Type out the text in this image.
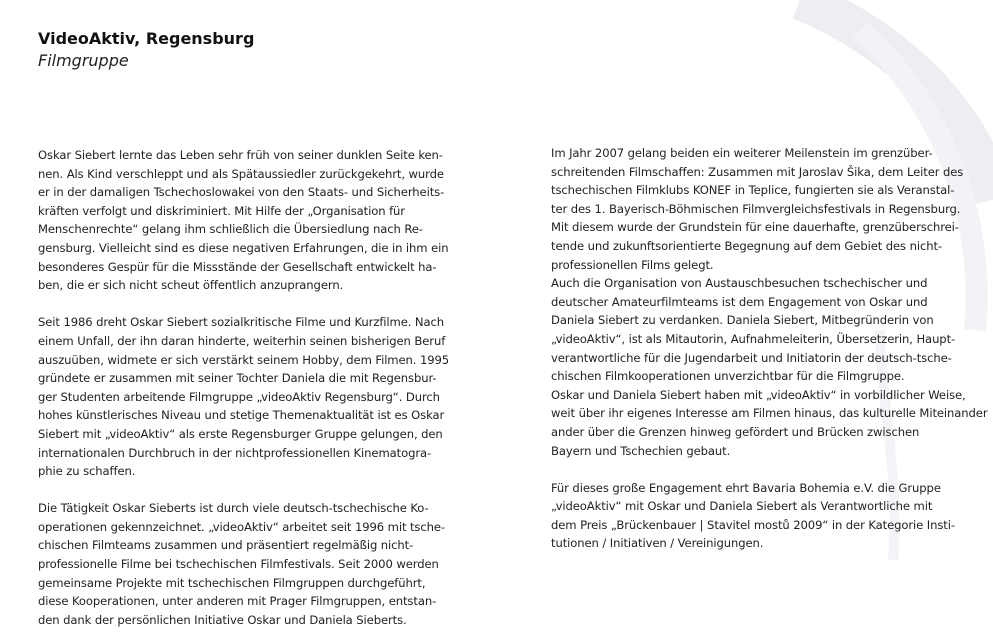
VideoAktiv, Regensburg
Filmgruppe
Oskar Siebert lernte das Leben sehr früh von seiner dunklen Seite ken-
nen. Als Kind verschleppt und als Spätaussiedler zurückgekehrt, wurde
er in der damaligen Tschechoslowakei von den Staats- und Sicherheits-
kräften verfolgt und diskriminiert. Mit Hilfe der „Organisation für
Menschenrechte“ gelang ihm schließlich die Übersiedlung nach Re-
gensburg. Vielleicht sind es diese negativen Erfahrungen, die in ihm ein
besonderes Gespür für die Missstände der Gesellschaft entwickelt ha-
ben, die er sich nicht scheut öffentlich anzuprangern.
Seit 1986 dreht Oskar Siebert sozialkritische Filme und Kurzfilme. Nach
einem Unfall, der ihn daran hinderte, weiterhin seinen bisherigen Beruf
auszuüben, widmete er sich verstärkt seinem Hobby, dem Filmen. 1995
gründete er zusammen mit seiner Tochter Daniela die mit Regensbur-
ger Studenten arbeitende Filmgruppe „videoAktiv Regensburg“. Durch
hohes künstlerisches Niveau und stetige Themenaktualität ist es Oskar
Siebert mit „videoAktiv“ als erste Regensburger Gruppe gelungen, den
internationalen Durchbruch in der nichtprofessionellen Kinematogra-
phie zu schaffen.
Die Tätigkeit Oskar Sieberts ist durch viele deutsch-tschechische Ko-
operationen gekennzeichnet. „videoAktiv“ arbeitet seit 1996 mit tsche-
chischen Filmteams zusammen und präsentiert regelmäßig nicht-
professionelle Filme bei tschechischen Filmfestivals. Seit 2000 werden
gemeinsame Projekte mit tschechischen Filmgruppen durchgeführt,
diese Kooperationen, unter anderen mit Prager Filmgruppen, entstan-
den dank der persönlichen Initiative Oskar und Daniela Sieberts.
Im Jahr 2007 gelang beiden ein weiterer Meilenstein im grenzüber-
schreitenden Filmschaffen: Zusammen mit Jaroslav Šika, dem Leiter des
tschechischen Filmklubs KONEF in Teplice, fungierten sie als Veranstal-
ter des 1. Bayerisch-Böhmischen Filmvergleichsfestivals in Regensburg.
Mit diesem wurde der Grundstein für eine dauerhafte, grenzüberschrei-
tende und zukunftsorientierte Begegnung auf dem Gebiet des nicht-
professionellen Films gelegt.
Auch die Organisation von Austauschbesuchen tschechischer und
deutscher Amateurfilmteams ist dem Engagement von Oskar und
Daniela Siebert zu verdanken. Daniela Siebert, Mitbegründerin von
„videoAktiv“, ist als Mitautorin, Aufnahmeleiterin, Übersetzerin, Haupt-
verantwortliche für die Jugendarbeit und Initiatorin der deutsch-tsche-
chischen Filmkooperationen unverzichtbar für die Filmgruppe.
Oskar und Daniela Siebert haben mit „videoAktiv“ in vorbildlicher Weise,
weit über ihr eigenes Interesse am Filmen hinaus, das kulturelle Miteinander
ander über die Grenzen hinweg gefördert und Brücken zwischen
Bayern und Tschechien gebaut.
Für dieses große Engagement ehrt Bavaria Bohemia e.V. die Gruppe
„videoAktiv“ mit Oskar und Daniela Siebert als Verantwortliche mit
dem Preis „Brückenbauer | Stavitel mostů 2009“ in der Kategorie Insti-
tutionen / Initiativen / Vereinigungen.
